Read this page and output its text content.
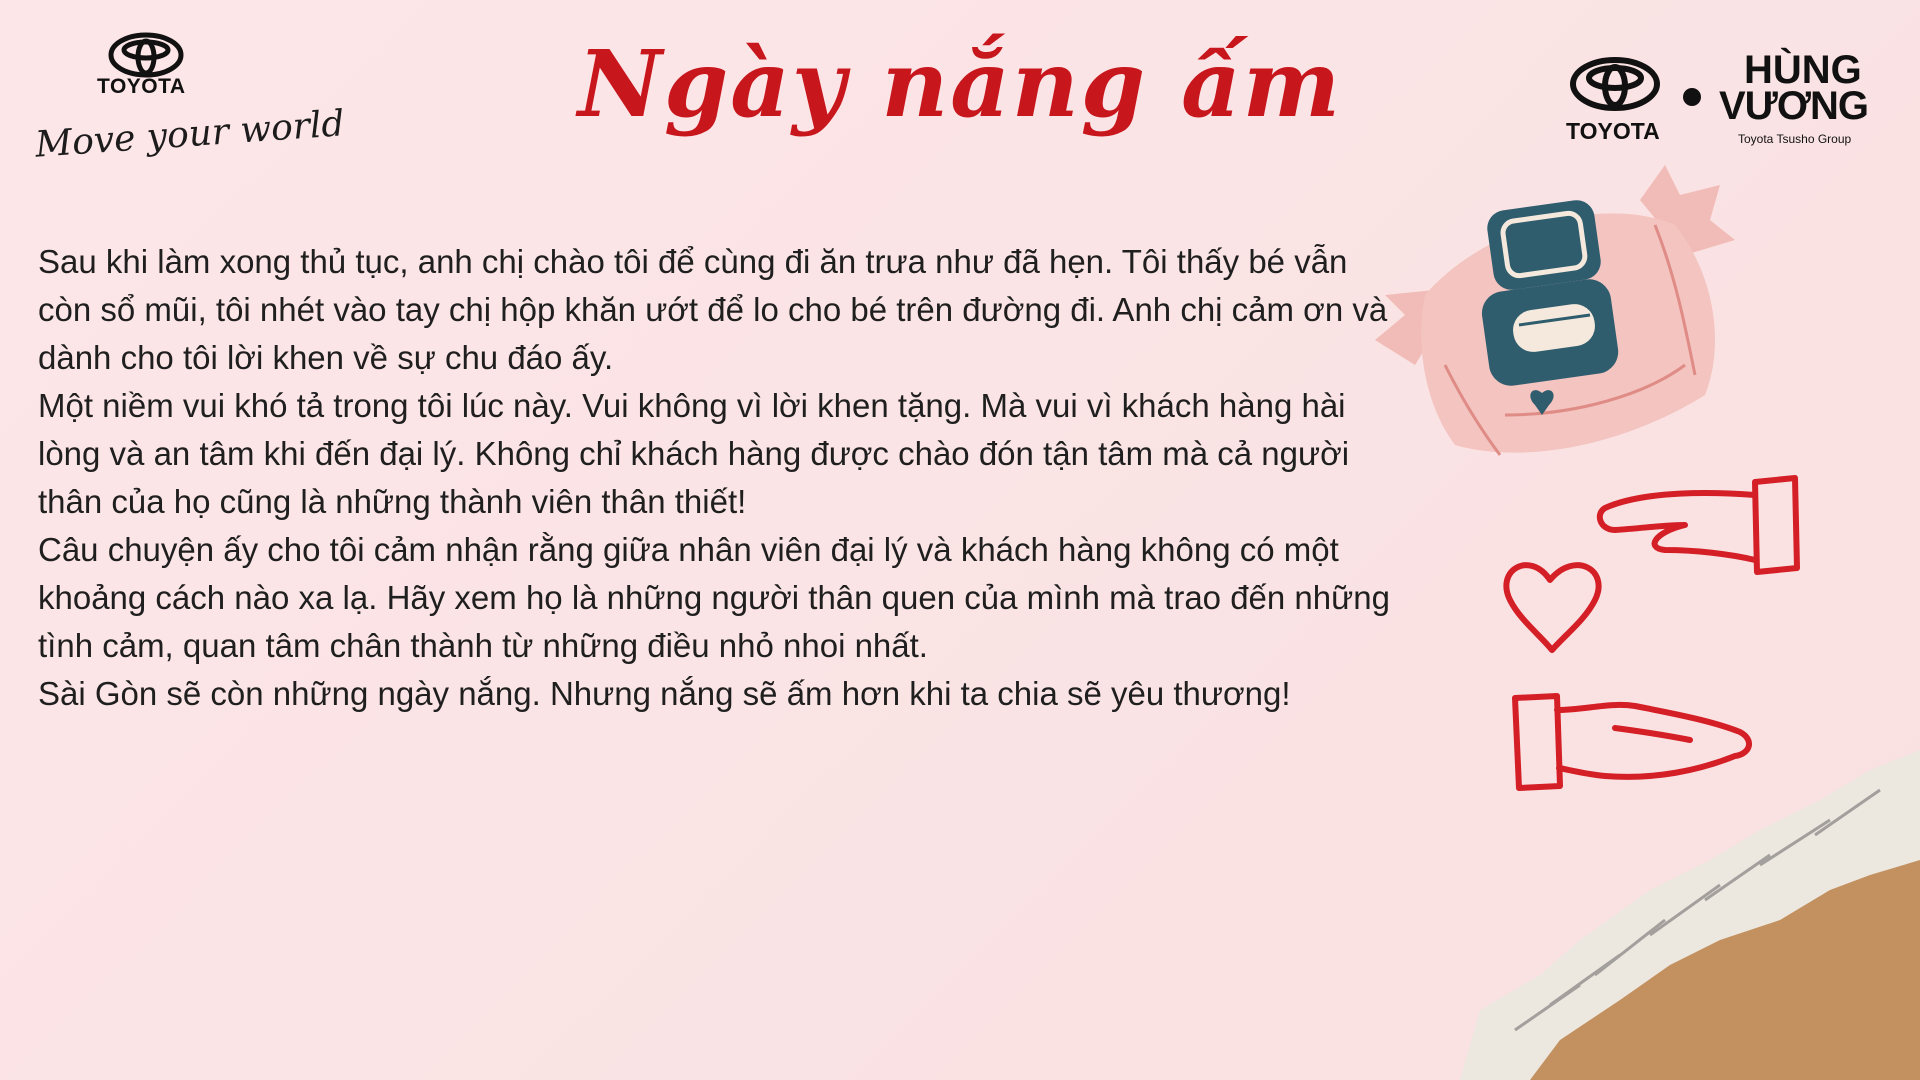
TOYOTA
Move your world	Ngày nắng ấm	TOYOTA
HÙNG
VƯƠNG
Toyota Tsusho Group

Sau khi làm xong thủ tục, anh chị chào tôi để cùng đi ăn trưa như đã hẹn. Tôi thấy bé vẫn còn sổ mũi, tôi nhét vào tay chị hộp khăn ướt để lo cho bé trên đường đi. Anh chị cảm ơn và dành cho tôi lời khen về sự chu đáo ấy.

Một niềm vui khó tả trong tôi lúc này. Vui không vì lời khen tặng. Mà vui vì khách hàng hài lòng và an tâm khi đến đại lý. Không chỉ khách hàng được chào đón tận tâm mà cả người thân của họ cũng là những thành viên thân thiết!

Câu chuyện ấy cho tôi cảm nhận rằng giữa nhân viên đại lý và khách hàng không có một khoảng cách nào xa lạ. Hãy xem họ là những người thân quen của mình mà trao đến những tình cảm, quan tâm chân thành từ những điều nhỏ nhoi nhất.

Sài Gòn sẽ còn những ngày nắng. Nhưng nắng sẽ ấm hơn khi ta chia sẽ yêu thương!
